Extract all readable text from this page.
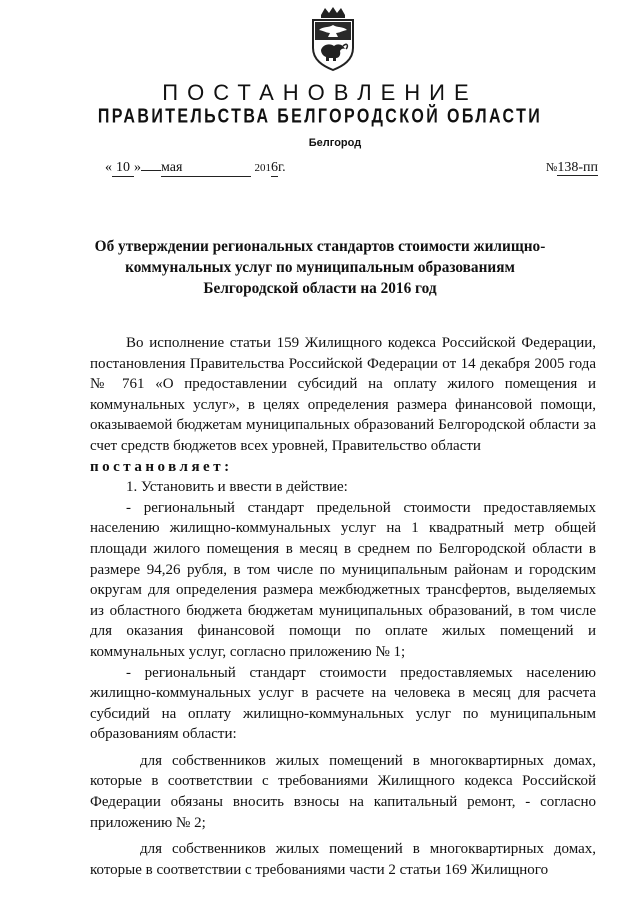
ПОСТАНОВЛЕНИЕ
ПРАВИТЕЛЬСТВА БЕЛГОРОДСКОЙ ОБЛАСТИ
Белгород
« 10 » мая	2016г.	№138-пп
Об утверждении региональных стандартов стоимости жилищно-коммунальных услуг по муниципальным образованиям Белгородской области на 2016 год

Во исполнение статьи 159 Жилищного кодекса Российской Федерации, постановления Правительства Российской Федерации от 14 декабря 2005 года № 761 «О предоставлении субсидий на оплату жилого помещения и коммунальных услуг», в целях определения размера финансовой помощи, оказываемой бюджетам муниципальных образований Белгородской области за счет средств бюджетов всех уровней, Правительство области

постановляет:

1. Установить и ввести в действие:

- региональный стандарт предельной стоимости предоставляемых населению жилищно-коммунальных услуг на 1 квадратный метр общей площади жилого помещения в месяц в среднем по Белгородской области в размере 94,26 рубля, в том числе по муниципальным районам и городским округам для определения размера межбюджетных трансфертов, выделяемых из областного бюджета бюджетам муниципальных образований, в том числе для оказания финансовой помощи по оплате жилых помещений и коммунальных услуг, согласно приложению № 1;

- региональный стандарт стоимости предоставляемых населению жилищно-коммунальных услуг в расчете на человека в месяц для расчета субсидий на оплату жилищно-коммунальных услуг по муниципальным образованиям области:

для собственников жилых помещений в многоквартирных домах, которые в соответствии с требованиями Жилищного кодекса Российской Федерации обязаны вносить взносы на капитальный ремонт, - согласно приложению № 2;

для собственников жилых помещений в многоквартирных домах, которые в соответствии с требованиями части 2 статьи 169 Жилищного
